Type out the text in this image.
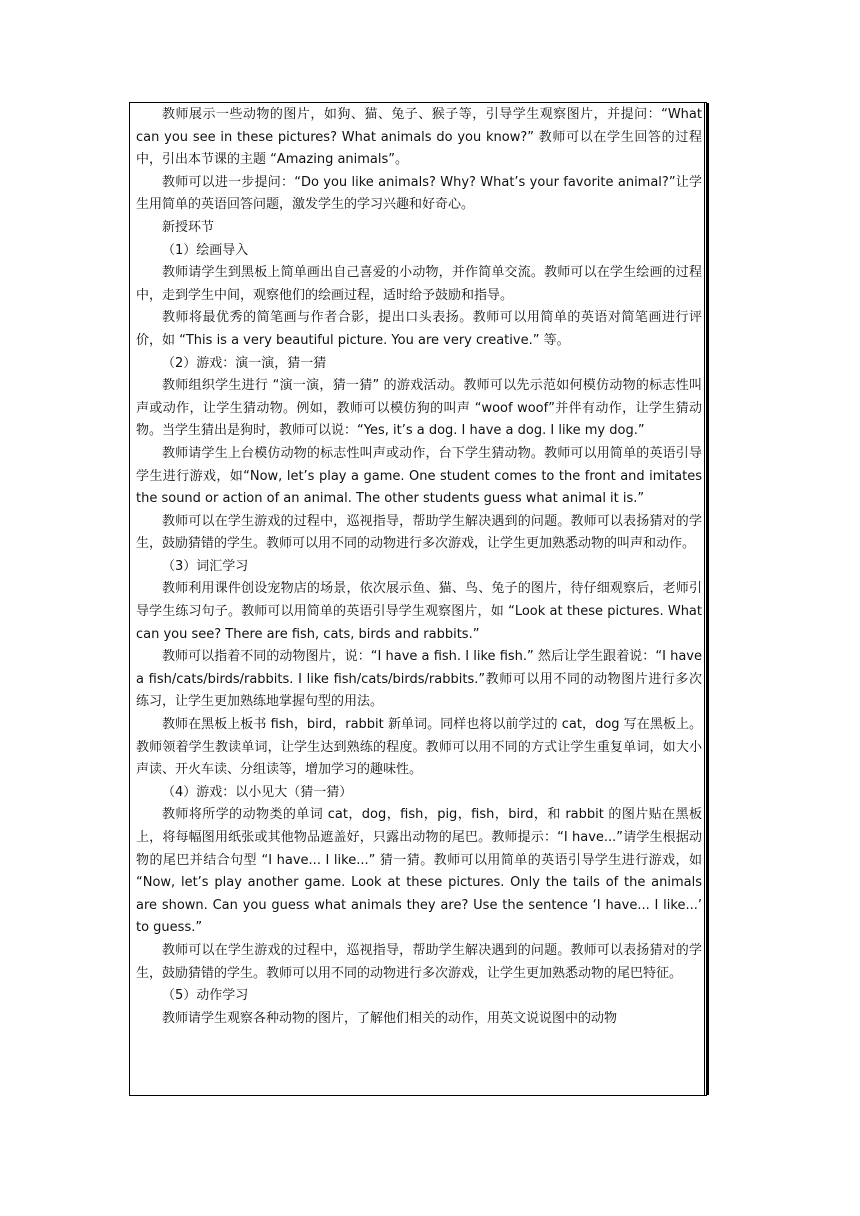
教师展示一些动物的图片，如狗、猫、兔子、猴子等，引导学生观察图片，并提问：“What can you see in these pictures? What animals do you know?” 教师可以在学生回答的过程中，引出本节课的主题 “Amazing animals”。

教师可以进一步提问：“Do you like animals? Why? What’s your favorite animal?”让学生用简单的英语回答问题，激发学生的学习兴趣和好奇心。

新授环节

（1）绘画导入

教师请学生到黑板上简单画出自己喜爱的小动物，并作简单交流。教师可以在学生绘画的过程中，走到学生中间，观察他们的绘画过程，适时给予鼓励和指导。

教师将最优秀的简笔画与作者合影，提出口头表扬。教师可以用简单的英语对简笔画进行评价，如 “This is a very beautiful picture. You are very creative.” 等。

（2）游戏：演一演，猜一猜

教师组织学生进行 “演一演，猜一猜” 的游戏活动。教师可以先示范如何模仿动物的标志性叫声或动作，让学生猜动物。例如，教师可以模仿狗的叫声 “woof woof”并伴有动作，让学生猜动物。当学生猜出是狗时，教师可以说：“Yes, it’s a dog. I have a dog. I like my dog.”

教师请学生上台模仿动物的标志性叫声或动作，台下学生猜动物。教师可以用简单的英语引导学生进行游戏，如“Now, let’s play a game. One student comes to the front and imitates the sound or action of an animal. The other students guess what animal it is.”

教师可以在学生游戏的过程中，巡视指导，帮助学生解决遇到的问题。教师可以表扬猜对的学生，鼓励猜错的学生。教师可以用不同的动物进行多次游戏，让学生更加熟悉动物的叫声和动作。

（3）词汇学习

教师利用课件创设宠物店的场景，依次展示鱼、猫、鸟、兔子的图片，待仔细观察后，老师引导学生练习句子。教师可以用简单的英语引导学生观察图片，如 “Look at these pictures. What can you see? There are fish, cats, birds and rabbits.”

教师可以指着不同的动物图片，说：“I have a fish. I like fish.” 然后让学生跟着说：“I have a fish/cats/birds/rabbits. I like fish/cats/birds/rabbits.”教师可以用不同的动物图片进行多次练习，让学生更加熟练地掌握句型的用法。

教师在黑板上板书 fish，bird，rabbit 新单词。同样也将以前学过的 cat，dog 写在黑板上。教师领着学生教读单词，让学生达到熟练的程度。教师可以用不同的方式让学生重复单词，如大小声读、开火车读、分组读等，增加学习的趣味性。

（4）游戏：以小见大（猜一猜）

教师将所学的动物类的单词 cat，dog，fish，pig，fish，bird，和 rabbit 的图片贴在黑板上，将每幅图用纸张或其他物品遮盖好，只露出动物的尾巴。教师提示：“I have...”请学生根据动物的尾巴并结合句型 “I have... I like...” 猜一猜。教师可以用简单的英语引导学生进行游戏，如 “Now, let’s play another game. Look at these pictures. Only the tails of the animals are shown. Can you guess what animals they are? Use the sentence ‘I have... I like...’ to guess.”

教师可以在学生游戏的过程中，巡视指导，帮助学生解决遇到的问题。教师可以表扬猜对的学生，鼓励猜错的学生。教师可以用不同的动物进行多次游戏，让学生更加熟悉动物的尾巴特征。

（5）动作学习

教师请学生观察各种动物的图片，了解他们相关的动作，用英文说说图中的动物
